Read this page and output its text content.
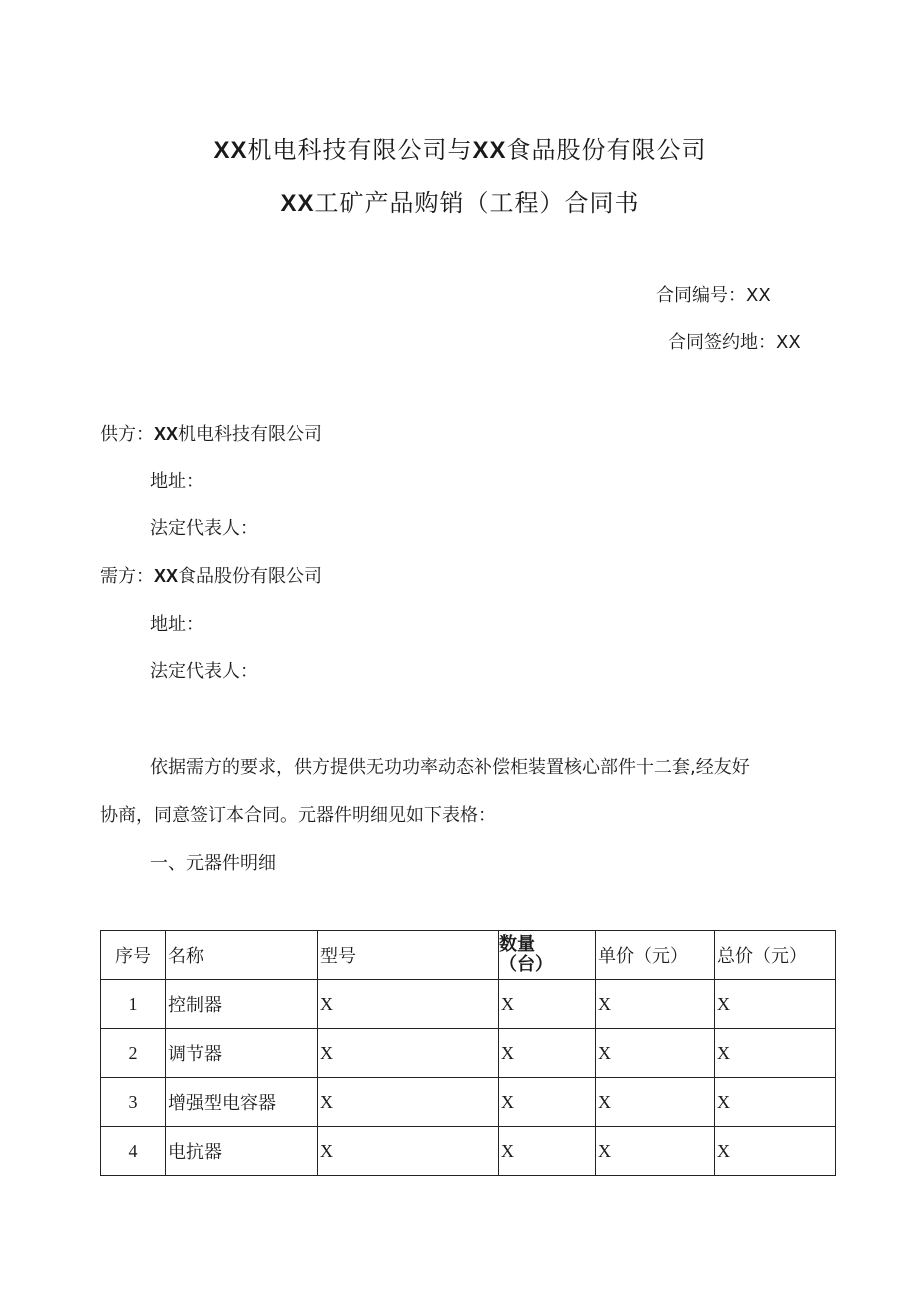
XX机电科技有限公司与XX食品股份有限公司
XX工矿产品购销（工程）合同书
合同编号：XX
合同签约地：XX
供方：XX机电科技有限公司
地址：
法定代表人：
需方：XX食品股份有限公司
地址：
法定代表人：
依据需方的要求，供方提供无功功率动态补偿柜装置核心部件十二套,经友好
协商，同意签订本合同。元器件明细见如下表格：
一、元器件明细
序号	名称	型号	数量
（台）	单价（元）	总价（元）
1	控制器	X	X	X	X
2	调节器	X	X	X	X
3	增强型电容器	X	X	X	X
4	电抗器	X	X	X	X
